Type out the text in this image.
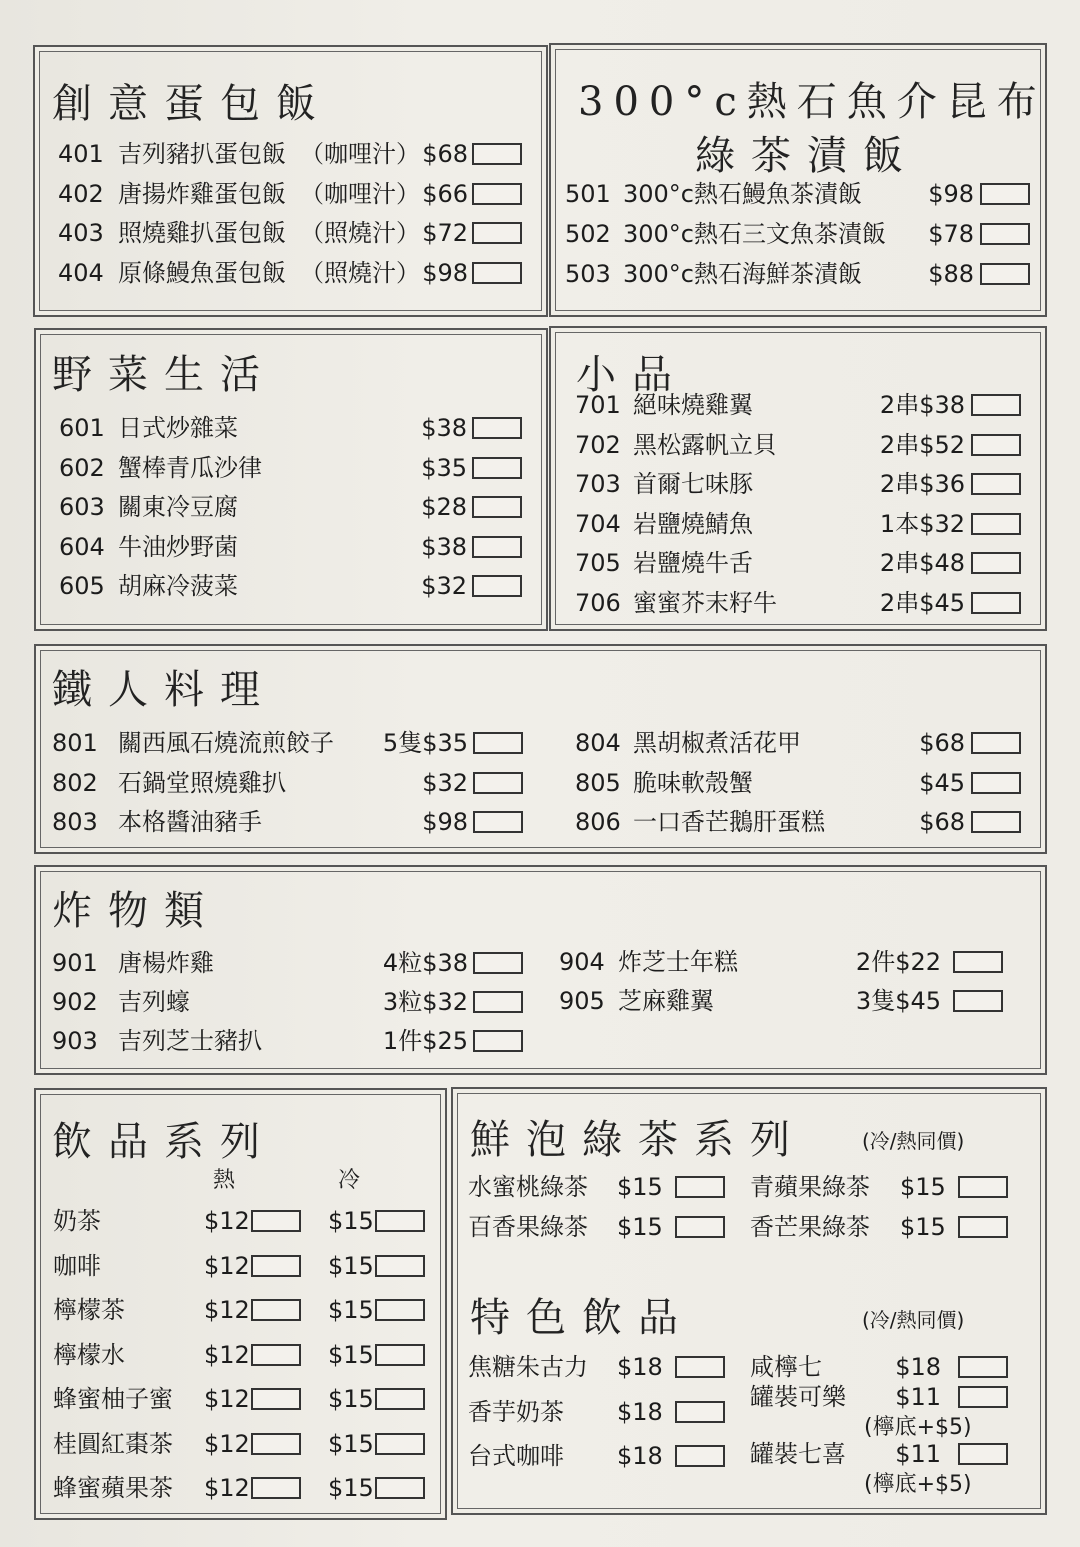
創意蛋包飯
401 吉列豬扒蛋包飯 （咖哩汁） $68
402 唐揚炸雞蛋包飯 （咖哩汁） $66
403 照燒雞扒蛋包飯 （照燒汁） $72
404 原條鰻魚蛋包飯 （照燒汁） $98
300°c熱石魚介昆布
綠茶漬飯
501 300°c熱石鰻魚茶漬飯	$98
502 300°c熱石三文魚茶漬飯 $78
503 300°c熱石海鮮茶漬飯	$88
野菜生活
601 日式炒雜菜	$38
602 蟹棒青瓜沙律	$35
603 關東冷豆腐	$28
604 牛油炒野菌	$38
605 胡麻冷菠菜	$32
小品
701 絕味燒雞翼	2串$38
702 黑松露帆立貝	2串$52
703 首爾七味豚	2串$36
704 岩鹽燒鯖魚	1本$32
705 岩鹽燒牛舌	2串$48
706 蜜蜜芥末籽牛	2串$45
鐵人料理
801 關西風石燒流煎餃子 5隻$35
802 石鍋堂照燒雞扒	$32
803 本格醬油豬手	$98
804 黑胡椒煮活花甲	$68
805 脆味軟殼蟹	$45
806 一口香芒鵝肝蛋糕	$68
炸物類
901 唐楊炸雞	4粒$38
902 吉列蠔	3粒$32
903 吉列芝士豬扒	1件$25
904 炸芝士年糕	2件$22
905 芝麻雞翼	3隻$45
飲品系列
熱	冷
奶茶	$12	$15
咖啡	$12	$15
檸檬茶	$12	$15
檸檬水	$12	$15
蜂蜜柚子蜜 $12	$15
桂圓紅棗茶 $12	$15
蜂蜜蘋果茶 $12	$15
鮮泡綠茶系列	(冷/熱同價)
水蜜桃綠茶 $15	青蘋果綠茶 $15
百香果綠茶 $15	香芒果綠茶 $15
特色飲品	(冷/熱同價)
焦糖朱古力 $18
香芋奶茶 $18
台式咖啡 $18
咸檸七	$18
罐裝可樂 $11
(檸底+$5)
罐裝七喜 $11
(檸底+$5)
